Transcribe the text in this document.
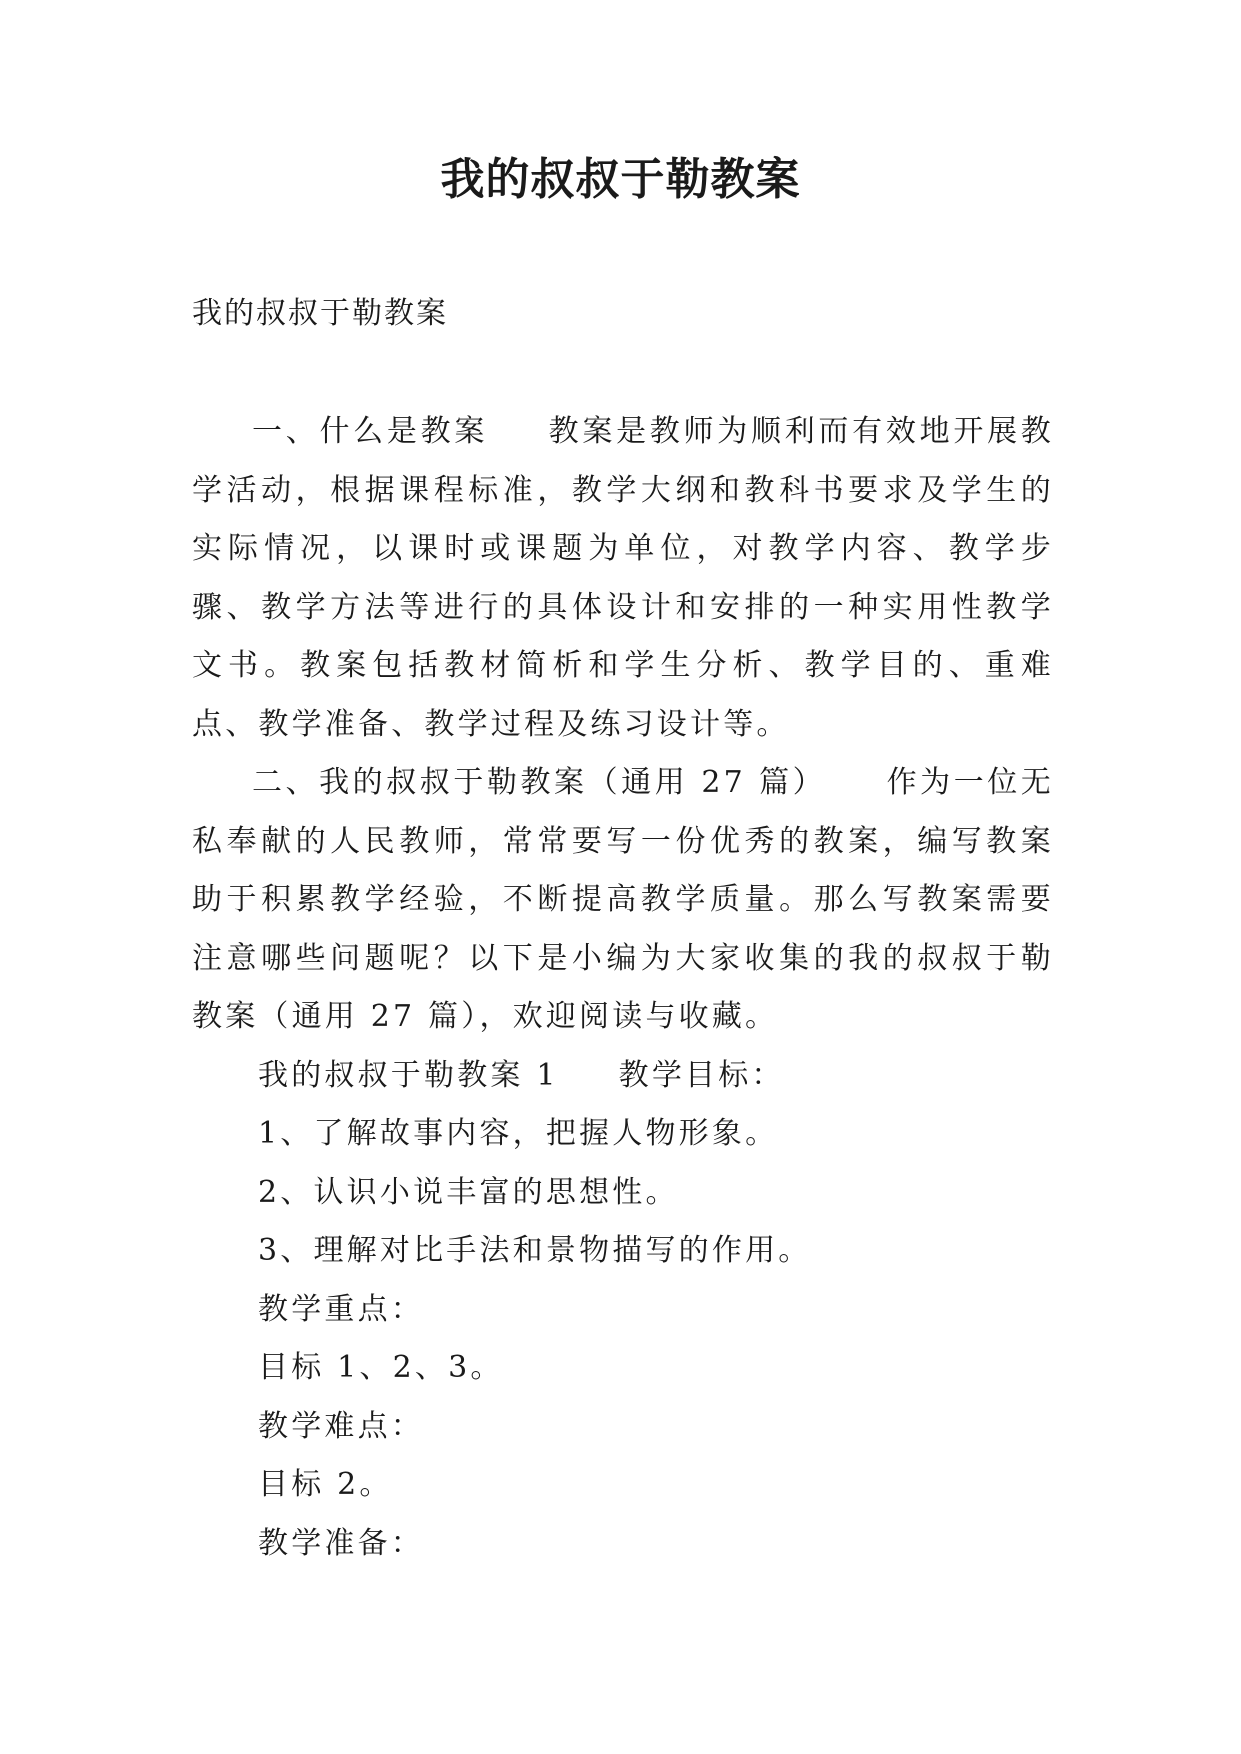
我的叔叔于勒教案

我的叔叔于勒教案

一、什么是教案 教案是教师为顺利而有效地开展教学活动，根据课程标准，教学大纲和教科书要求及学生的实际情况，以课时或课题为单位，对教学内容、教学步骤、教学方法等进行的具体设计和安排的一种实用性教学文书。教案包括教材简析和学生分析、教学目的、重难点、教学准备、教学过程及练习设计等。

二、我的叔叔于勒教案（通用 27 篇） 作为一位无私奉献的人民教师，常常要写一份优秀的教案，编写教案助于积累教学经验，不断提高教学质量。那么写教案需要注意哪些问题呢？以下是小编为大家收集的我的叔叔于勒教案（通用 27 篇），欢迎阅读与收藏。

我的叔叔于勒教案 1 教学目标：

1、了解故事内容，把握人物形象。

2、认识小说丰富的思想性。

3、理解对比手法和景物描写的作用。

教学重点：

目标 1、2、3。

教学难点：

目标 2。

教学准备：
